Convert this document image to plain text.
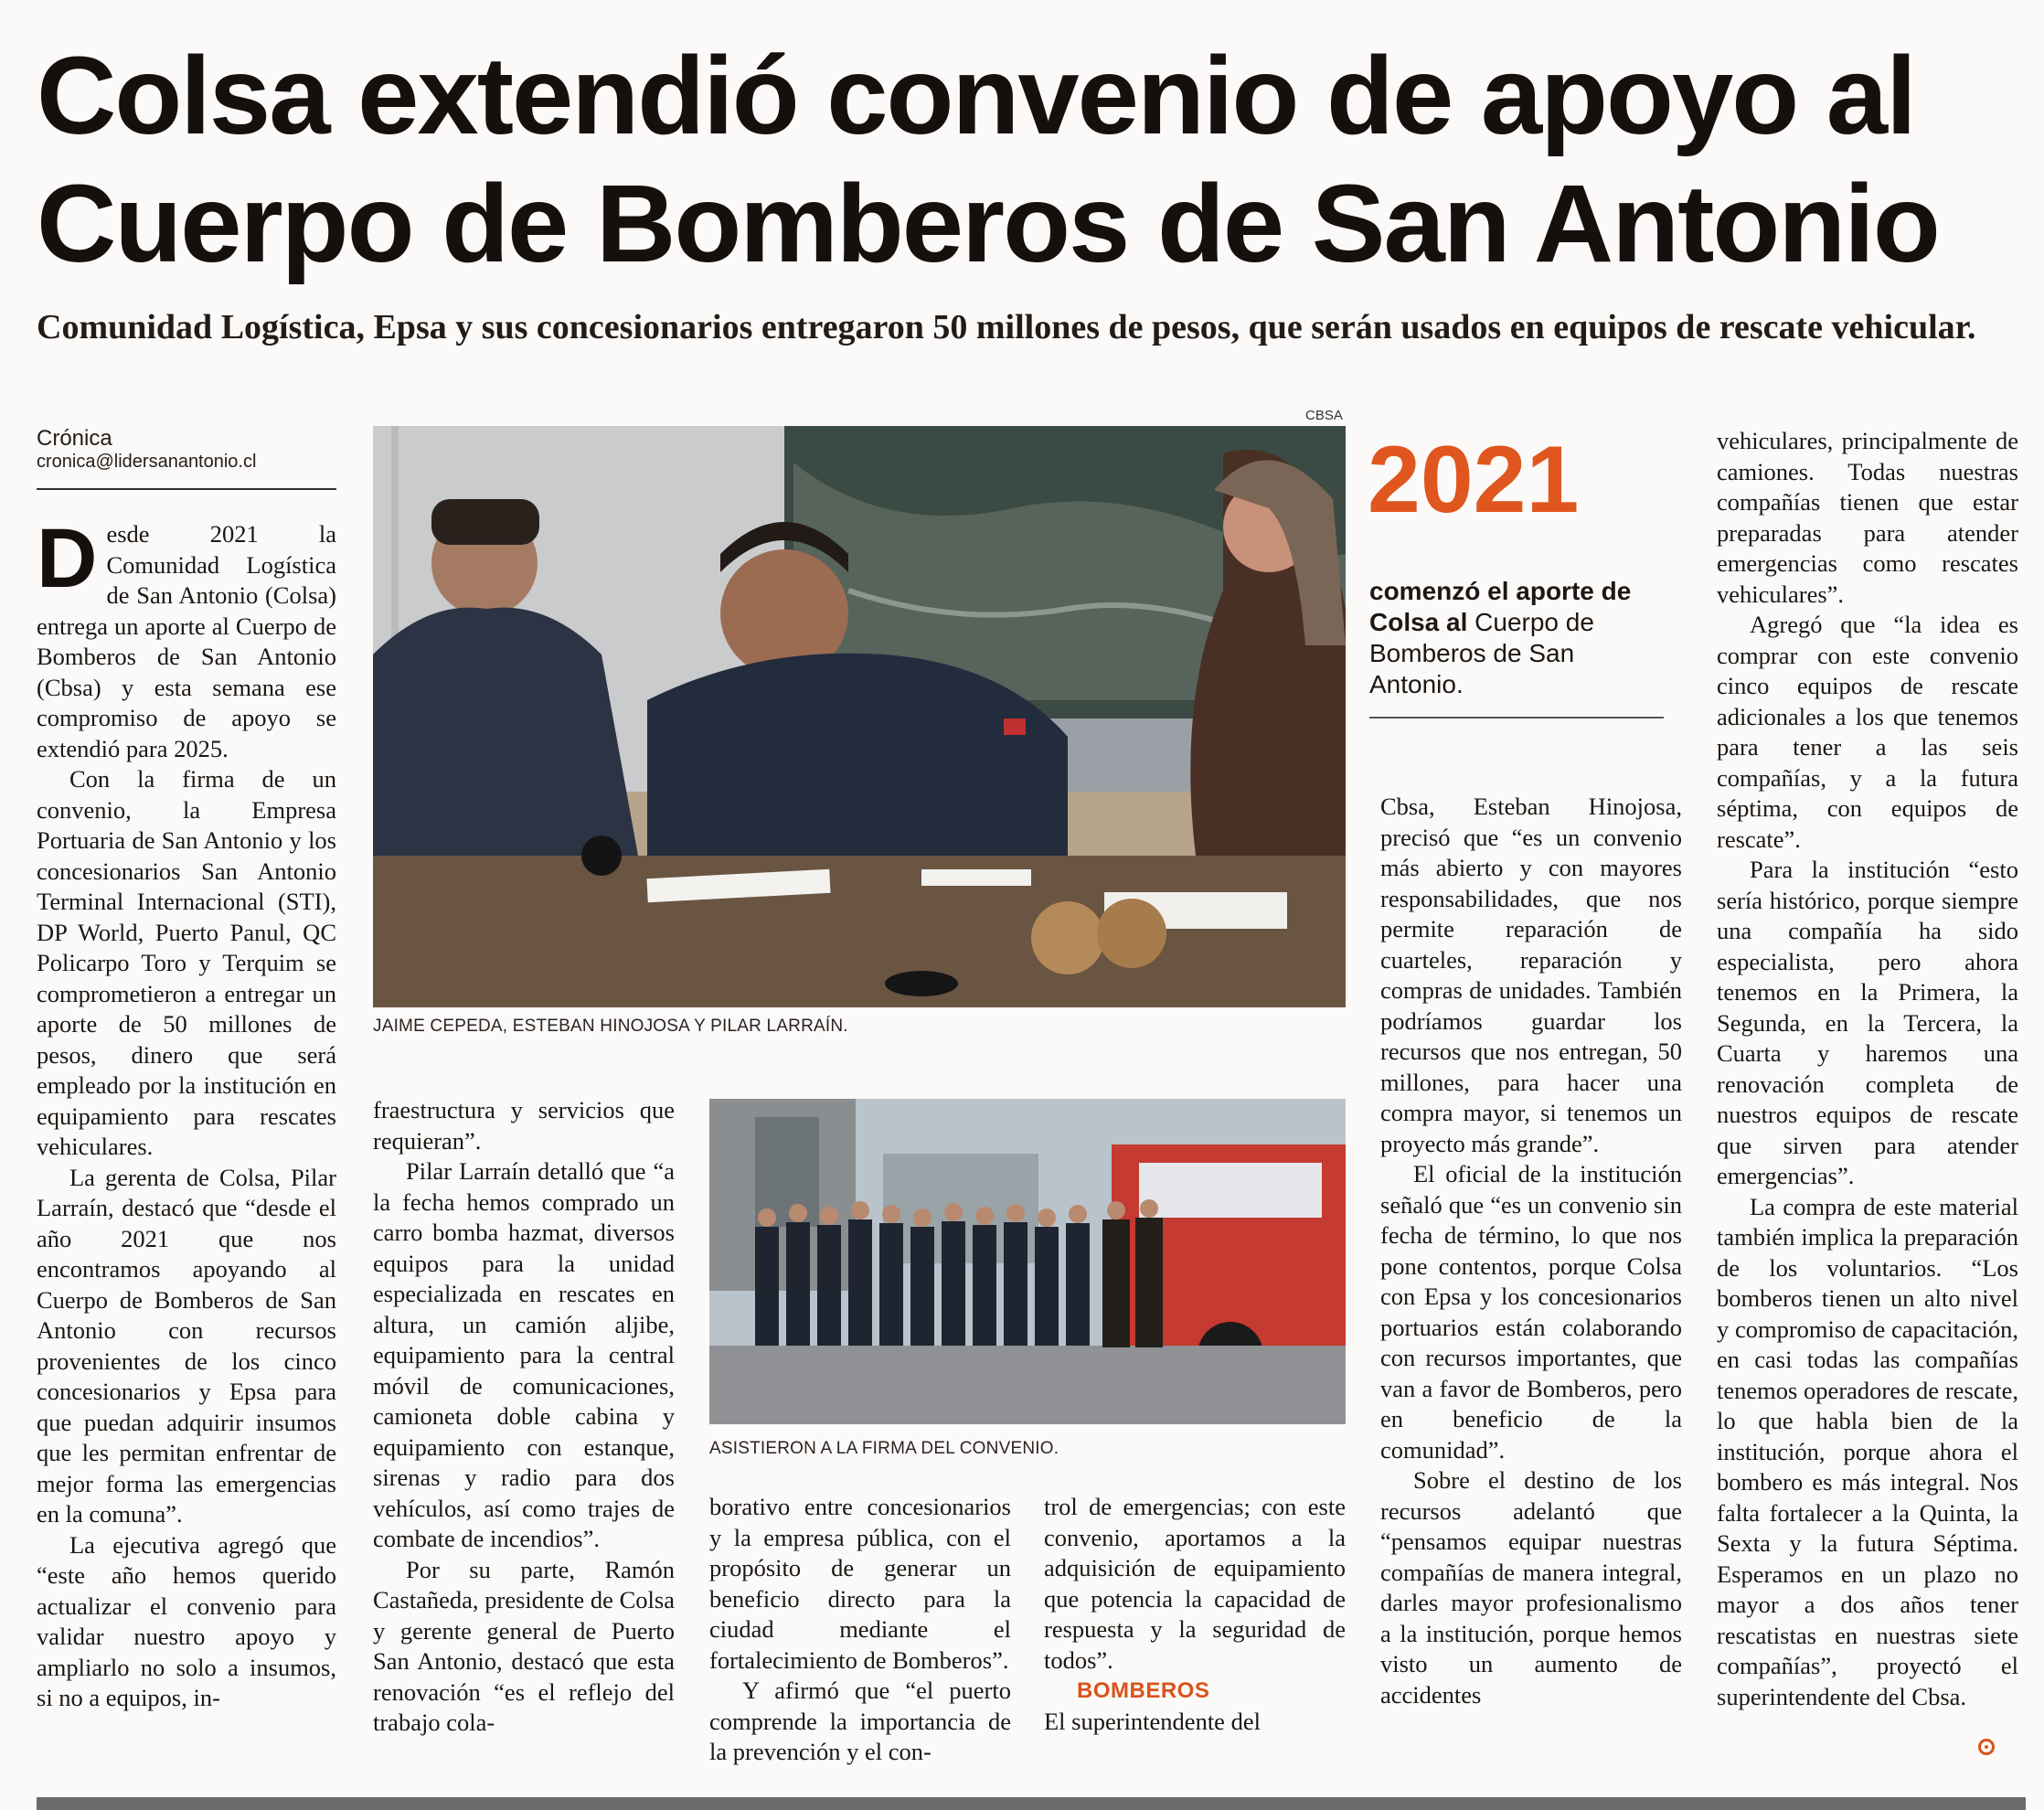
Colsa extendió convenio de apoyo al
Cuerpo de Bomberos de San Antonio
Comunidad Logística, Epsa y sus concesionarios entregaron 50 millones de pesos, que serán usados en equipos de rescate vehicular.
Crónica
cronica@lidersanantonio.cl

Desde 2021 la Comunidad Logística de San Antonio (Colsa) entrega un aporte al Cuerpo de Bomberos de San Antonio (Cbsa) y esta semana ese compromiso de apoyo se extendió para 2025.

Con la firma de un convenio, la Empresa Portuaria de San Antonio y los concesionarios San Antonio Terminal Internacional (STI), DP World, Puerto Panul, QC Policarpo Toro y Terquim se comprometieron a entregar un aporte de 50 millones de pesos, dinero que será empleado por la institución en equipamiento para rescates vehiculares.

La gerenta de Colsa, Pilar Larraín, destacó que “desde el año 2021 que nos encontramos apoyando al Cuerpo de Bomberos de San Antonio con recursos provenientes de los cinco concesionarios y Epsa para que puedan adquirir insumos que les permitan enfrentar de mejor forma las emergencias en la comuna”.

La ejecutiva agregó que “este año hemos querido actualizar el convenio para validar nuestro apoyo y ampliarlo no solo a insumos, si no a equipos, in-

CBSA
JAIME CEPEDA, ESTEBAN HINOJOSA Y PILAR LARRAÍN.
2021
comenzó el aporte de Colsa al Cuerpo de Bomberos de San Antonio.

fraestructura y servicios que requieran”.

Pilar Larraín detalló que “a la fecha hemos comprado un carro bomba hazmat, diversos equipos para la unidad especializada en rescates en altura, un camión aljibe, equipamiento para la central móvil de comunicaciones, camioneta doble cabina y equipamiento con estanque, sirenas y radio para dos vehículos, así como trajes de combate de incendios”.

Por su parte, Ramón Castañeda, presidente de Colsa y gerente general de Puerto San Antonio, destacó que esta renovación “es el reflejo del trabajo cola-

ASISTIERON A LA FIRMA DEL CONVENIO.

borativo entre concesionarios y la empresa pública, con el propósito de generar un beneficio directo para la ciudad mediante el fortalecimiento de Bomberos”.

Y afirmó que “el puerto comprende la importancia de la prevención y el con-

trol de emergencias; con este convenio, aportamos a la adquisición de equipamiento que potencia la capacidad de respuesta y la seguridad de todos”.

BOMBEROS

El superintendente del

Cbsa, Esteban Hinojosa, precisó que “es un convenio más abierto y con mayores responsabilidades, que nos permite reparación de cuarteles, reparación y compras de unidades. También podríamos guardar los recursos que nos entregan, 50 millones, para hacer una compra mayor, si tenemos un proyecto más grande”.

El oficial de la institución señaló que “es un convenio sin fecha de término, lo que nos pone contentos, porque Colsa con Epsa y los concesionarios portuarios están colaborando con recursos importantes, que van a favor de Bomberos, pero en beneficio de la comunidad”.

Sobre el destino de los recursos adelantó que “pensamos equipar nuestras compañías de manera integral, darles mayor profesionalismo a la institución, porque hemos visto un aumento de accidentes

vehiculares, principalmente de camiones. Todas nuestras compañías tienen que estar preparadas para atender emergencias como rescates vehiculares”.

Agregó que “la idea es comprar con este convenio cinco equipos de rescate adicionales a los que tenemos para tener a las seis compañías, y a la futura séptima, con equipos de rescate”.

Para la institución “esto sería histórico, porque siempre una compañía ha sido especialista, pero ahora tenemos en la Primera, la Segunda, en la Tercera, la Cuarta y haremos una renovación completa de nuestros equipos de rescate que sirven para atender emergencias”.

La compra de este material también implica la preparación de los voluntarios. “Los bomberos tienen un alto nivel y compromiso de capacitación, en casi todas las compañías tenemos operadores de rescate, lo que habla bien de la institución, porque ahora el bombero es más integral. Nos falta fortalecer a la Quinta, la Sexta y la futura Séptima. Esperamos en un plazo no mayor a dos años tener rescatistas en nuestras siete compañías”, proyectó el superintendente del Cbsa.
